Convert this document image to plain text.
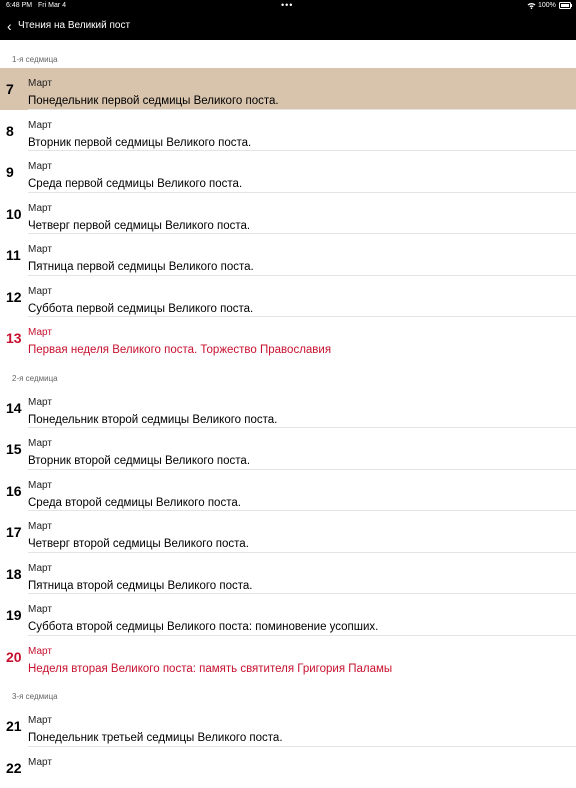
6:48 PM Fri Mar 4	•••	100%
‹ Чтения на Великий пост
1-я седмица
7	Март
Понедельник первой седмицы Великого поста.
8	Март
Вторник первой седмицы Великого поста.
9	Март
Среда первой седмицы Великого поста.
10 Март
Четверг первой седмицы Великого поста.
11 Март
Пятница первой седмицы Великого поста.
12 Март
Суббота первой седмицы Великого поста.
13 Март
Первая неделя Великого поста. Торжество Православия
2-я седмица
14 Март
Понедельник второй седмицы Великого поста.
15 Март
Вторник второй седмицы Великого поста.
16 Март
Среда второй седмицы Великого поста.
17 Март
Четверг второй седмицы Великого поста.
18 Март
Пятница второй седмицы Великого поста.
19 Март
Суббота второй седмицы Великого поста: поминовение усопших.
20 Март
Неделя вторая Великого поста: память святителя Григория Паламы
3-я седмица
21 Март
Понедельник третьей седмицы Великого поста.
22 Март
